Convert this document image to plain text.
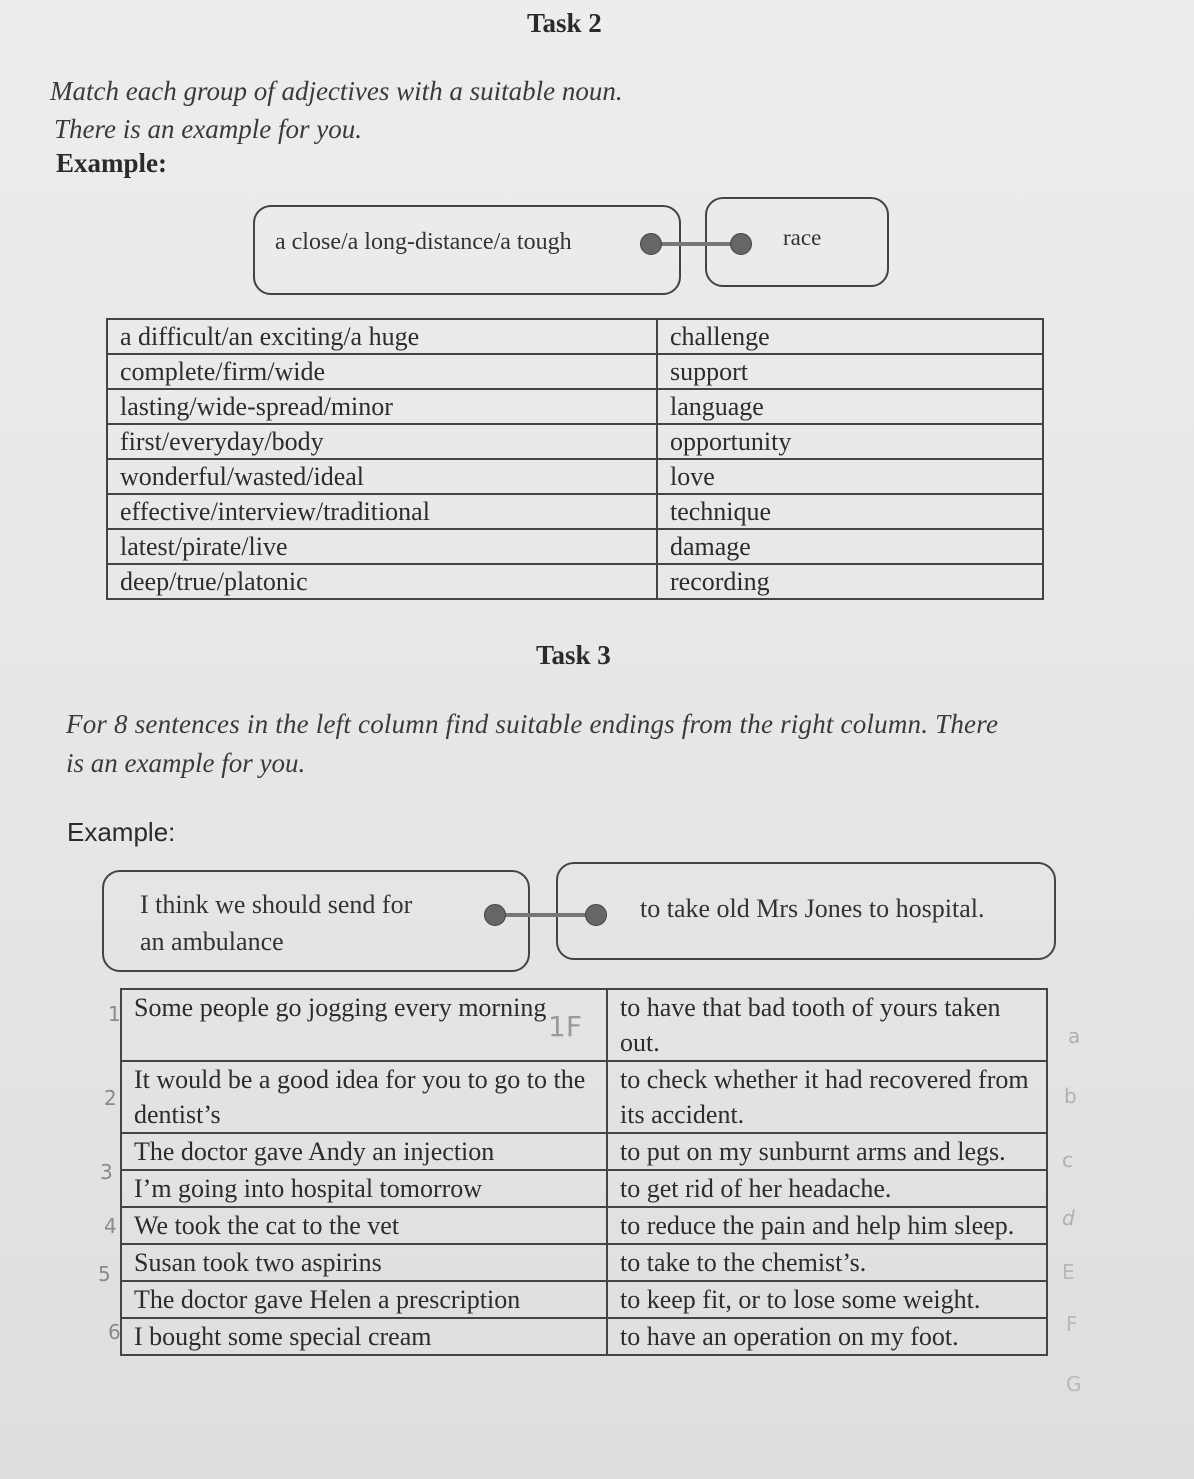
Task 2
Match each group of adjectives with a suitable noun.
There is an example for you.
Example:
a close/a long-distance/a tough	race
a difficult/an exciting/a huge	challenge
complete/firm/wide	support
lasting/wide-spread/minor	language
first/everyday/body	opportunity
wonderful/wasted/ideal	love
effective/interview/traditional	technique
latest/pirate/live	damage
deep/true/platonic	recording
Task 3
For 8 sentences in the left column find suitable endings from the right column. There
is an example for you.
Example:
I think we should send for
an ambulance
to take old Mrs Jones to hospital.
Some people go jogging every morning	to have that bad tooth of yours taken out.
It would be a good idea for you to go to the dentist’s	to check whether it had recovered from its accident.
The doctor gave Andy an injection	to put on my sunburnt arms and legs.
I’m going into hospital tomorrow	to get rid of her headache.
We took the cat to the vet	to reduce the pain and help him sleep.
Susan took two aspirins	to take to the chemist’s.
The doctor gave Helen a prescription	to keep fit, or to lose some weight.
I bought some special cream	to have an operation on my foot.
1
2
3
4
5
6
1F	a
b
c
d
E
F
G
